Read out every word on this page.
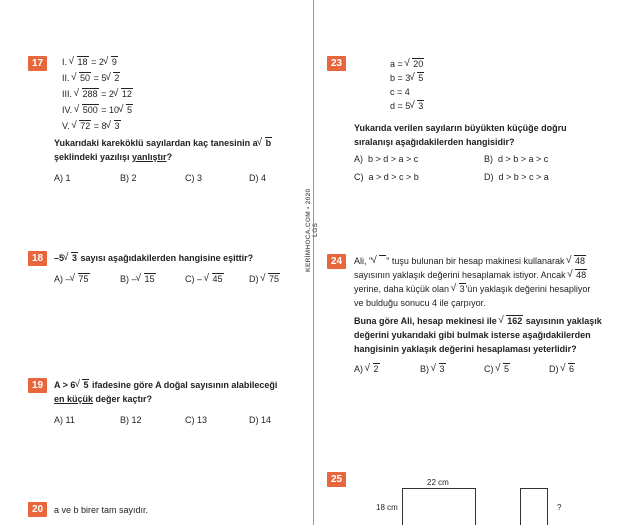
KERİMHOCA.COM • 2020 LGS
17	I. √ 18 = 2 √ 9
II. √ 50 = 5 √ 2
III. √ 288 = 2 √ 12
IV. √ 500 = 10 √ 5
V. √ 72 = 8 √ 3
Yukarıdaki kareköklü sayılardan kaç tanesinin a √ b
şeklindeki yazılışı yanlıştır?
A) 1	B) 2	C) 3	D) 4
18	–5 √ 3 sayısı aşağıdakilerden hangisine eşittir?
A) – √ 75	B) – √ 15	C) – √ 45	D) √ 75
19	A > 6 √ 5 ifadesine göre A doğal sayısının alabileceği
en küçük değer kaçtır?
A) 11	B) 12	C) 13	D) 14
20	a ve b birer tam sayıdır.
23	a = √ 20
b = 3 √ 5
c = 4
d = 5 √ 3
Yukarıda verilen sayıların büyükten küçüğe doğru
sıralanışı aşağıdakilerden hangisidir?
A) b > d > a > c	B) d > b > a > c
C) a > d > c > b	D) d > b > c > a
24	Ali, " √ " tuşu bulunan bir hesap makinesi kullanarak √ 48
sayısının yaklaşık değerini hesaplamak istiyor. Ancak √ 48
yerine, daha küçük olan √ 3'ün yaklaşık değerini hesapliyor
ve bulduğu sonucu 4 ile çarpıyor.
Buna göre Ali, hesap mekinesi ile √ 162 sayısının yaklaşık
değerini yukarıdaki gibi bulmak isterse aşağıdakilerden
hangisinin yaklaşık değerini hesaplaması yeterlidir?
A) √ 2	B) √ 3	C) √ 5	D) √ 6
25	22 cm
18 cm	?
